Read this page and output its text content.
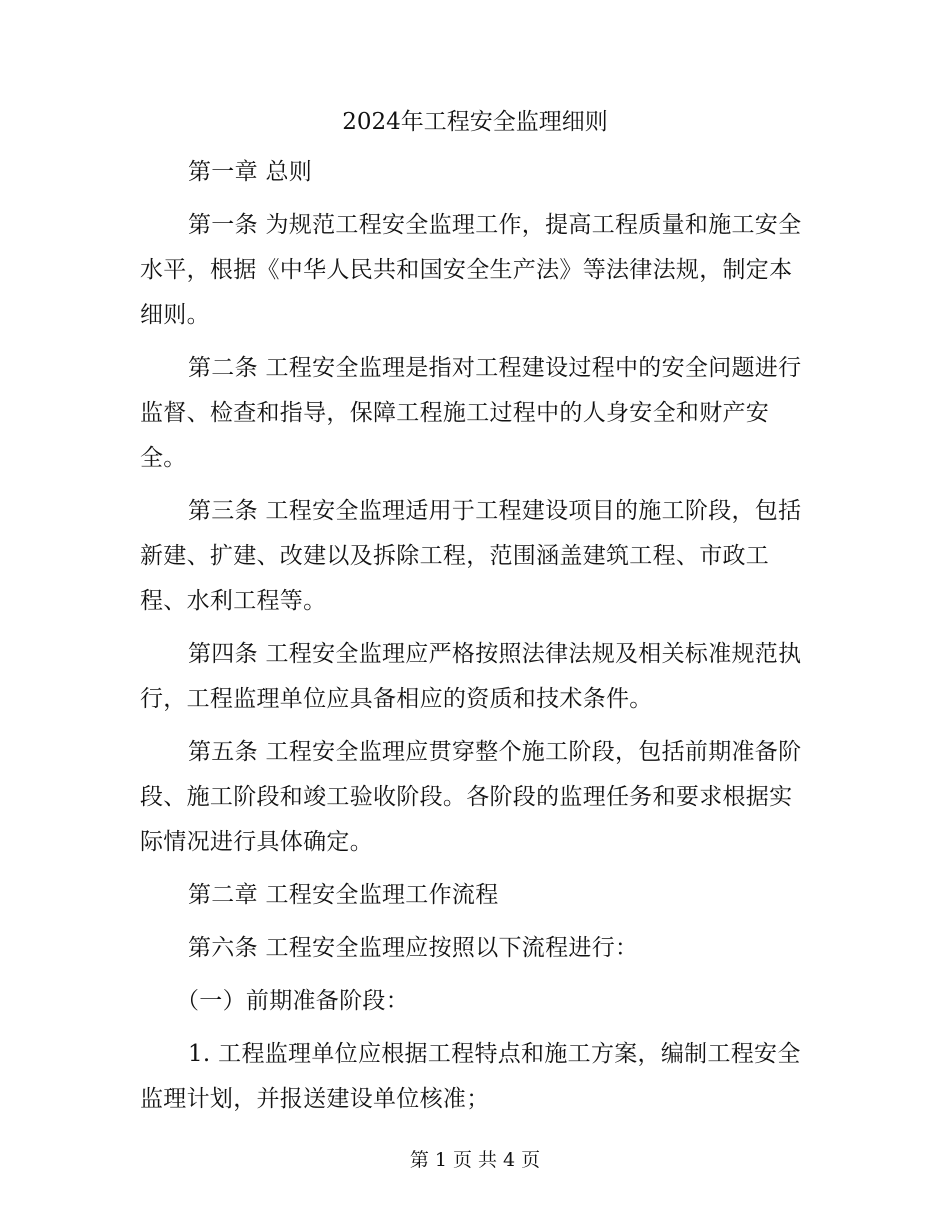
2024年工程安全监理细则

第一章 总则

第一条 为规范工程安全监理工作，提高工程质量和施工安全水平，根据《中华人民共和国安全生产法》等法律法规，制定本细则。

第二条 工程安全监理是指对工程建设过程中的安全问题进行监督、检查和指导，保障工程施工过程中的人身安全和财产安全。

第三条 工程安全监理适用于工程建设项目的施工阶段，包括新建、扩建、改建以及拆除工程，范围涵盖建筑工程、市政工程、水利工程等。

第四条 工程安全监理应严格按照法律法规及相关标准规范执行，工程监理单位应具备相应的资质和技术条件。

第五条 工程安全监理应贯穿整个施工阶段，包括前期准备阶段、施工阶段和竣工验收阶段。各阶段的监理任务和要求根据实际情况进行具体确定。

第二章 工程安全监理工作流程

第六条 工程安全监理应按照以下流程进行：

（一）前期准备阶段：

1. 工程监理单位应根据工程特点和施工方案，编制工程安全监理计划，并报送建设单位核准；

第 1 页 共 4 页
